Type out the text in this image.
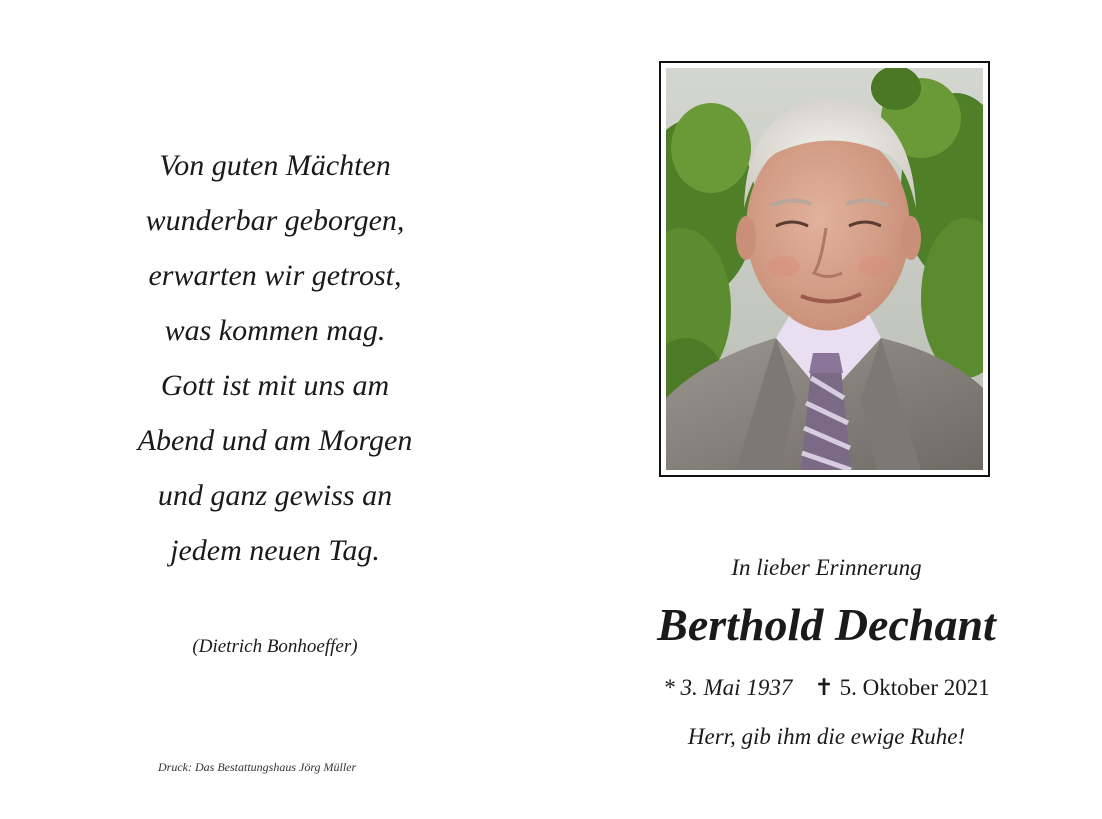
Von guten Mächten
wunderbar geborgen,
erwarten wir getrost,
was kommen mag.
Gott ist mit uns am
Abend und am Morgen
und ganz gewiss an
jedem neuen Tag.
(Dietrich Bonhoeffer)
Druck: Das Bestattungshaus Jörg Müller
In lieber Erinnerung
Berthold Dechant
* 3. Mai 1937 ✝ 5. Oktober 2021
Herr, gib ihm die ewige Ruhe!
